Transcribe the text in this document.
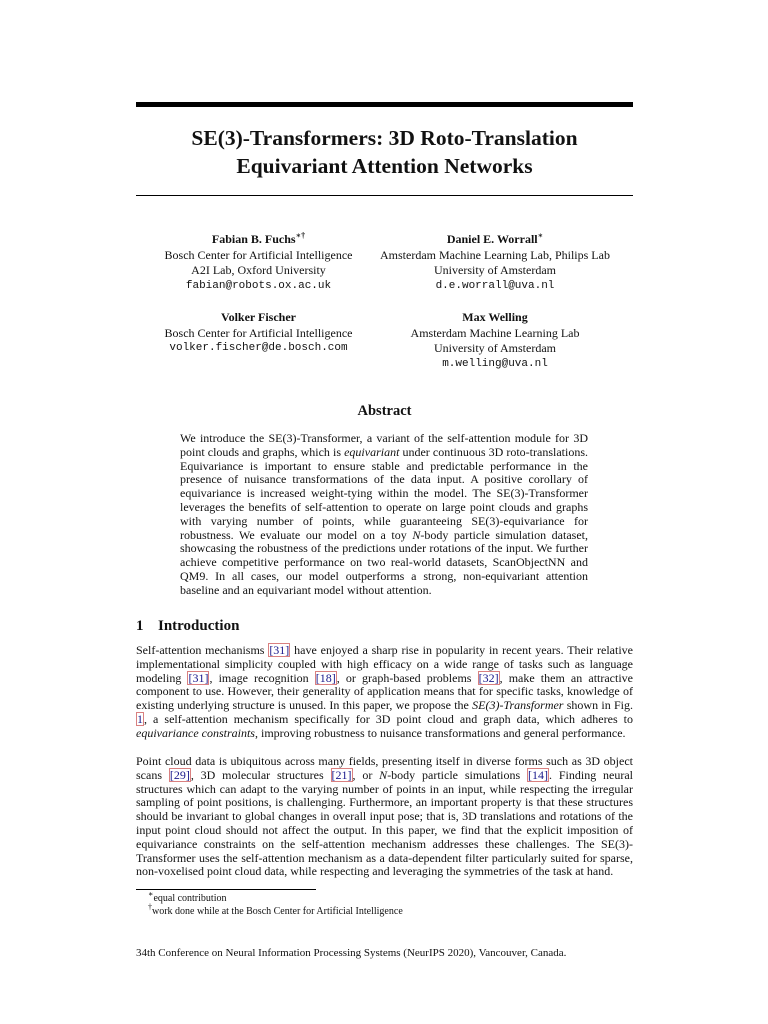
SE(3)-Transformers: 3D Roto-Translation
Equivariant Attention Networks
Fabian B. Fuchs∗†
Bosch Center for Artificial Intelligence
A2I Lab, Oxford University
fabian@robots.ox.ac.uk
Daniel E. Worrall∗
Amsterdam Machine Learning Lab, Philips Lab
University of Amsterdam
d.e.worrall@uva.nl
Volker Fischer
Bosch Center for Artificial Intelligence
volker.fischer@de.bosch.com
Max Welling
Amsterdam Machine Learning Lab
University of Amsterdam
m.welling@uva.nl
Abstract

We introduce the SE(3)-Transformer, a variant of the self-attention module for 3D point clouds and graphs, which is equivariant under continuous 3D roto-translations. Equivariance is important to ensure stable and predictable performance in the presence of nuisance transformations of the data input. A positive corollary of equivariance is increased weight-tying within the model. The SE(3)-Transformer leverages the benefits of self-attention to operate on large point clouds and graphs with varying number of points, while guaranteeing SE(3)-equivariance for robustness. We evaluate our model on a toy N-body particle simulation dataset, showcasing the robustness of the predictions under rotations of the input. We further achieve competitive performance on two real-world datasets, ScanObjectNN and QM9. In all cases, our model outperforms a strong, non-equivariant attention baseline and an equivariant model without attention.

1 Introduction

Self-attention mechanisms [31] have enjoyed a sharp rise in popularity in recent years. Their relative implementational simplicity coupled with high efficacy on a wide range of tasks such as language modeling [31], image recognition [18], or graph-based problems [32], make them an attractive component to use. However, their generality of application means that for specific tasks, knowledge of existing underlying structure is unused. In this paper, we propose the SE(3)-Transformer shown in Fig. 1, a self-attention mechanism specifically for 3D point cloud and graph data, which adheres to equivariance constraints, improving robustness to nuisance transformations and general performance.

Point cloud data is ubiquitous across many fields, presenting itself in diverse forms such as 3D object scans [29], 3D molecular structures [21], or N-body particle simulations [14]. Finding neural structures which can adapt to the varying number of points in an input, while respecting the irregular sampling of point positions, is challenging. Furthermore, an important property is that these structures should be invariant to global changes in overall input pose; that is, 3D translations and rotations of the input point cloud should not affect the output. In this paper, we find that the explicit imposition of equivariance constraints on the self-attention mechanism addresses these challenges. The SE(3)-Transformer uses the self-attention mechanism as a data-dependent filter particularly suited for sparse, non-voxelised point cloud data, while respecting and leveraging the symmetries of the task at hand.

∗equal contribution
†work done while at the Bosch Center for Artificial Intelligence
34th Conference on Neural Information Processing Systems (NeurIPS 2020), Vancouver, Canada.
